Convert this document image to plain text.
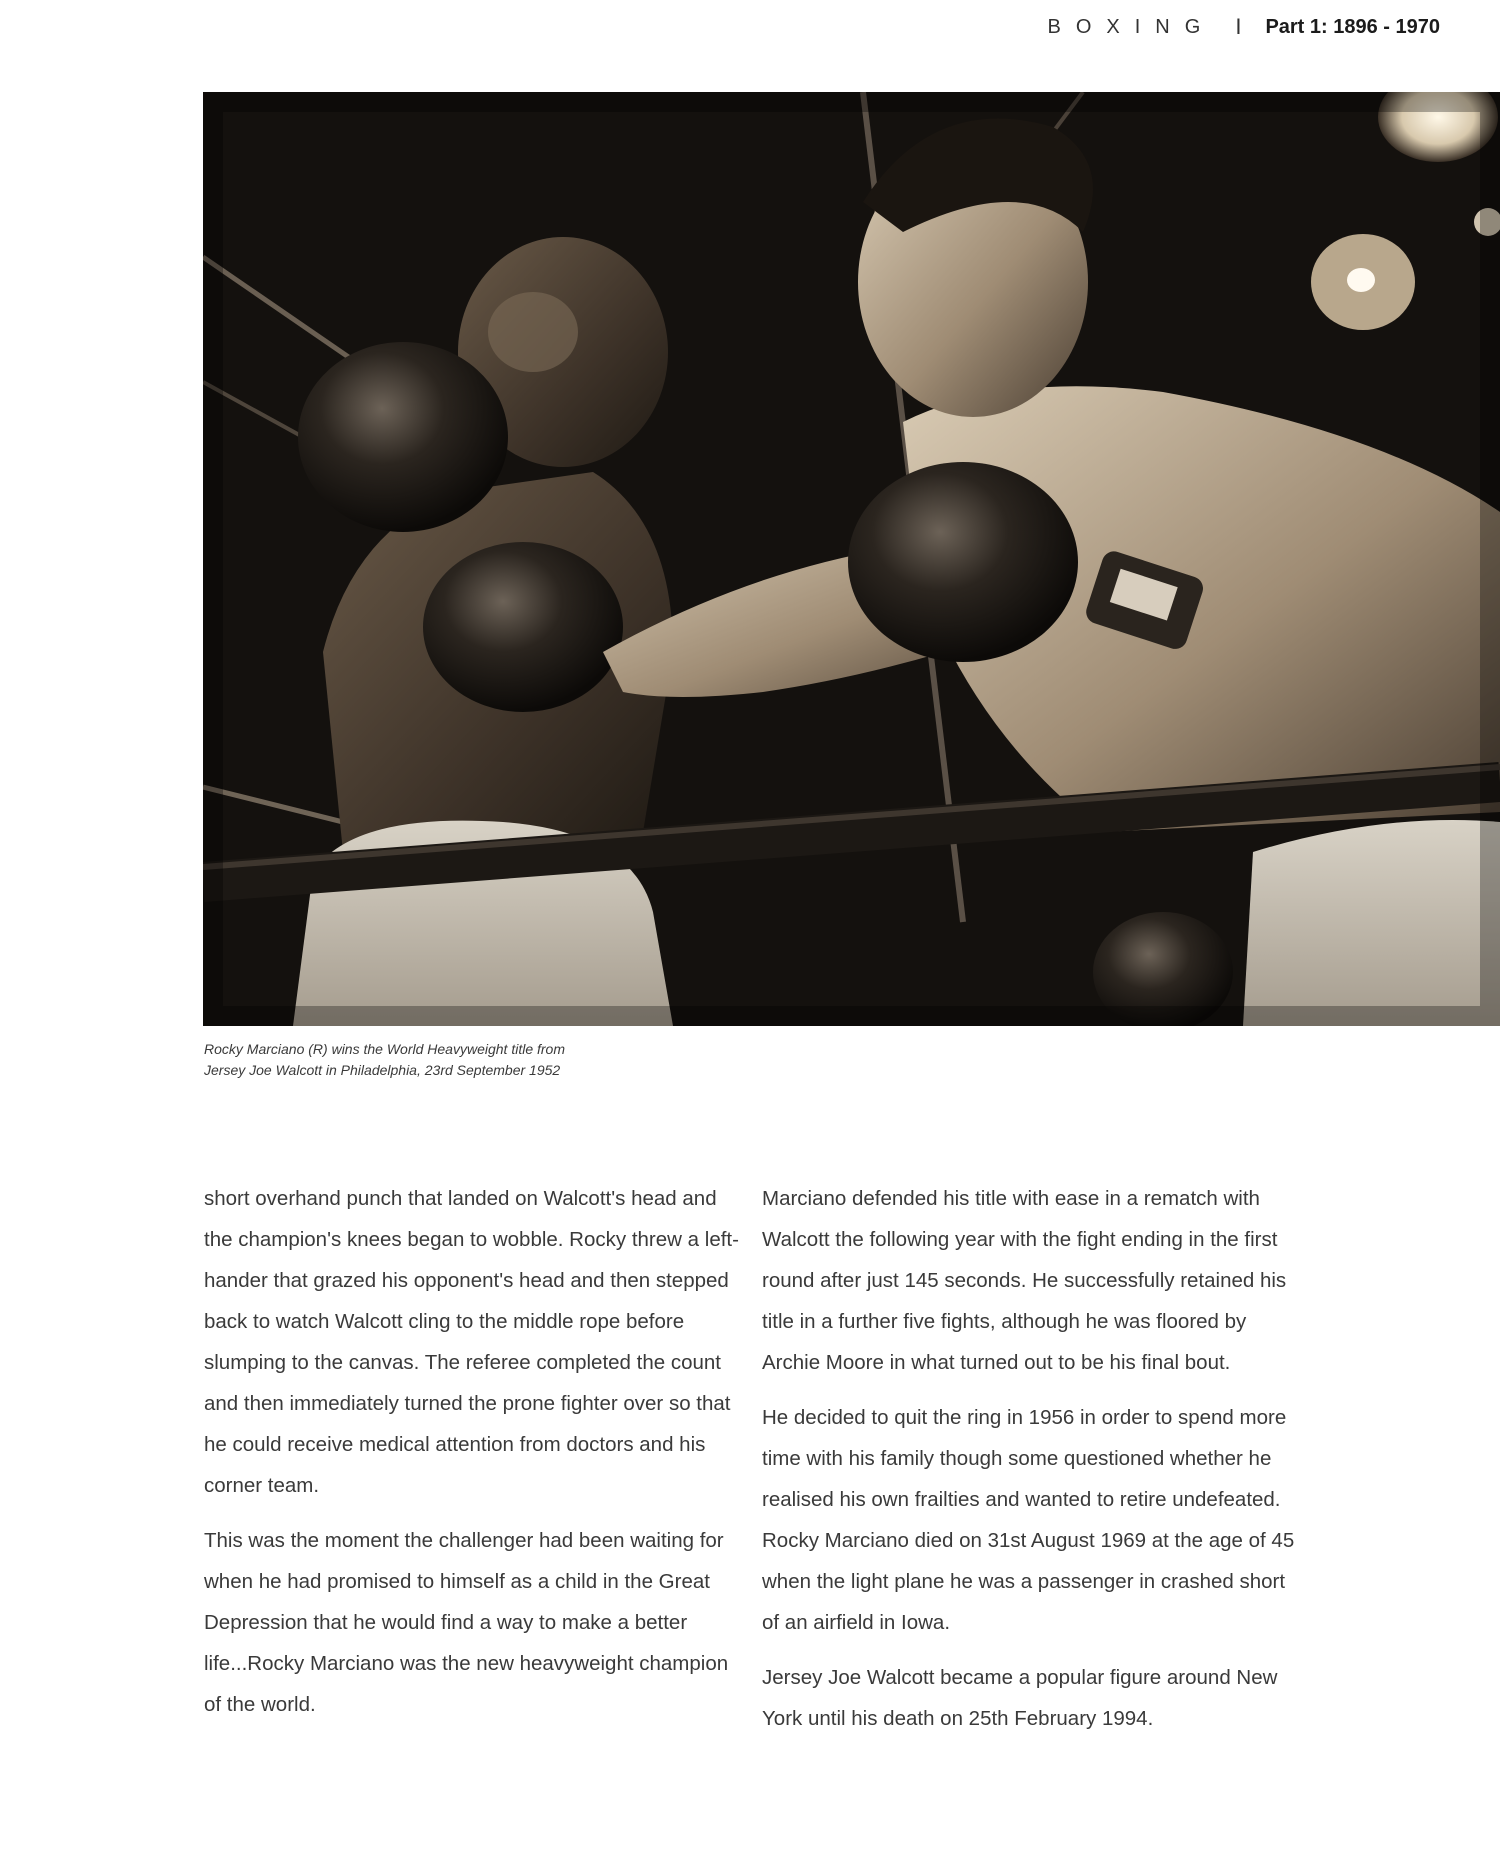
BOXING I Part 1: 1896 - 1970
Rocky Marciano (R) wins the World Heavyweight title from
Jersey Joe Walcott in Philadelphia, 23rd September 1952

short overhand punch that landed on Walcott's head and the champion's knees began to wobble. Rocky threw a left-hander that grazed his opponent's head and then stepped back to watch Walcott cling to the middle rope before slumping to the canvas. The referee completed the count and then immediately turned the prone fighter over so that he could receive medical attention from doctors and his corner team.

This was the moment the challenger had been waiting for when he had promised to himself as a child in the Great Depression that he would find a way to make a better life...Rocky Marciano was the new heavyweight champion of the world.

Marciano defended his title with ease in a rematch with Walcott the following year with the fight ending in the first round after just 145 seconds. He successfully retained his title in a further five fights, although he was floored by Archie Moore in what turned out to be his final bout.

He decided to quit the ring in 1956 in order to spend more time with his family though some questioned whether he realised his own frailties and wanted to retire undefeated. Rocky Marciano died on 31st August 1969 at the age of 45 when the light plane he was a passenger in crashed short of an airfield in Iowa.

Jersey Joe Walcott became a popular figure around New York until his death on 25th February 1994.
